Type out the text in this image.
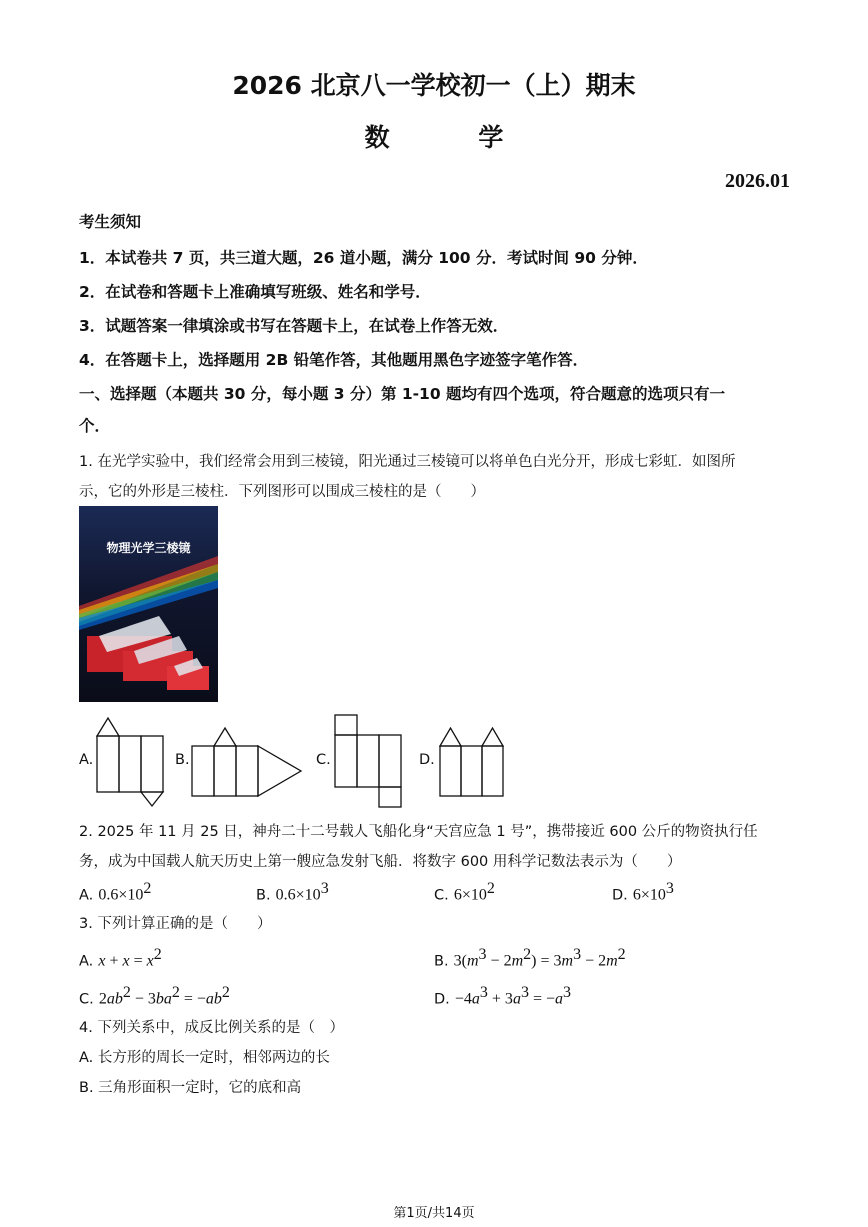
2026 北京八一学校初一（上）期末
数 学
2026.01
考生须知
1．本试卷共 7 页，共三道大题，26 道小题，满分 100 分．考试时间 90 分钟．
2．在试卷和答题卡上准确填写班级、姓名和学号．
3．试题答案一律填涂或书写在答题卡上，在试卷上作答无效．
4．在答题卡上，选择题用 2B 铅笔作答，其他题用黑色字迹签字笔作答．
一、选择题（本题共 30 分，每小题 3 分）第 1-10 题均有四个选项，符合题意的选项只有一
个．
1. 在光学实验中，我们经常会用到三棱镜，阳光通过三棱镜可以将单色白光分开，形成七彩虹．如图所
示，它的外形是三棱柱．下列图形可以围成三棱柱的是（　　）
物理光学三棱镜
A.	B.	C.	D.
2. 2025 年 11 月 25 日，神舟二十二号载人飞船化身“天宫应急 1 号”，携带接近 600 公斤的物资执行任
务，成为中国载人航天历史上第一艘应急发射飞船．将数字 600 用科学记数法表示为（　　）
A. $0.6\times 10^2$	B. $0.6\times 10^3$	C. $6\times 10^2$	D. $6\times 10^3$
3. 下列计算正确的是（　　）
A. $x + x = x^2$	B. $3(m^3 - 2m^2) = 3m^3 - 2m^2$
C. $2ab^2 - 3ba^2 = -ab^2$	D. $-4a^3 + 3a^3 = -a^3$
4. 下列关系中，成反比例关系的是（　）
A. 长方形的周长一定时，相邻两边的长
B. 三角形面积一定时，它的底和高
第1页/共14页
